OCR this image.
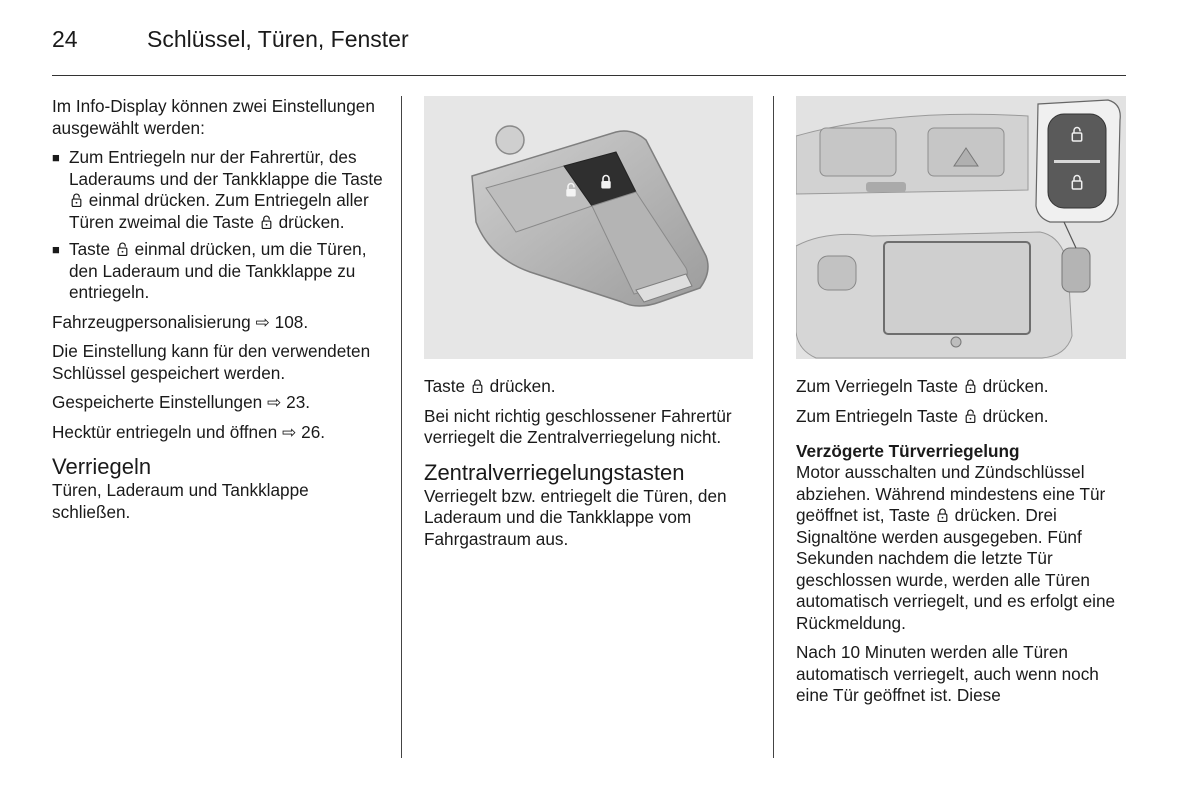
24	Schlüssel, Türen, Fenster

Im Info-Display können zwei Einstellungen ausgewählt werden:

■ Zum Entriegeln nur der Fahrertür, des Laderaums und der Tankklappe die Taste  einmal drücken. Zum Entriegeln aller Türen zweimal die Taste drücken.
■ Taste einmal drücken, um die Türen, den Laderaum und die Tankklappe zu entriegeln.

Fahrzeugpersonalisierung ⇨ 108.

Die Einstellung kann für den verwendeten Schlüssel gespeichert werden.

Gespeicherte Einstellungen ⇨ 23.

Hecktür entriegeln und öffnen ⇨ 26.

Verriegeln

Türen, Laderaum und Tankklappe schließen.

Taste drücken.

Bei nicht richtig geschlossener Fahrertür verriegelt die Zentralverriegelung nicht.

Zentralverriegelungstasten

Verriegelt bzw. entriegelt die Türen, den Laderaum und die Tankklappe vom Fahrgastraum aus.

Zum Verriegeln Taste drücken.

Zum Entriegeln Taste drücken.

Verzögerte Türverriegelung

Motor ausschalten und Zündschlüssel abziehen. Während mindestens eine Tür geöffnet ist, Taste drücken. Drei Signaltöne werden ausgegeben. Fünf Sekunden nachdem die letzte Tür geschlossen wurde, werden alle Türen automatisch verriegelt, und es erfolgt eine Rückmeldung.

Nach 10 Minuten werden alle Türen automatisch verriegelt, auch wenn noch eine Tür geöffnet ist. Diese
